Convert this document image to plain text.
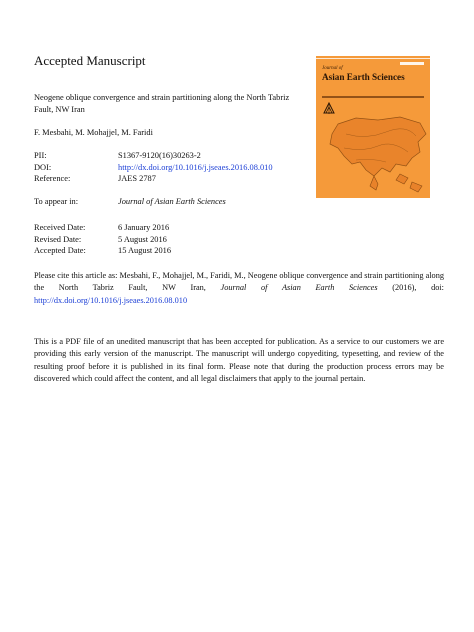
Accepted Manuscript
Neogene oblique convergence and strain partitioning along the North Tabriz Fault, NW Iran
F. Mesbahi, M. Mohajjel, M. Faridi
PII:	S1367-9120(16)30263-2
DOI:	http://dx.doi.org/10.1016/j.jseaes.2016.08.010
Reference:	JAES 2787
To appear in:	Journal of Asian Earth Sciences
Received Date:	6 January 2016
Revised Date:	5 August 2016
Accepted Date:	15 August 2016
Please cite this article as: Mesbahi, F., Mohajjel, M., Faridi, M., Neogene oblique convergence and strain partitioning along the North Tabriz Fault, NW Iran, Journal of Asian Earth Sciences (2016), doi: http://dx.doi.org/10.1016/j.jseaes.2016.08.010
This is a PDF file of an unedited manuscript that has been accepted for publication. As a service to our customers we are providing this early version of the manuscript. The manuscript will undergo copyediting, typesetting, and review of the resulting proof before it is published in its final form. Please note that during the production process errors may be discovered which could affect the content, and all legal disclaimers that apply to the journal pertain.
Journal of
Asian Earth Sciences
